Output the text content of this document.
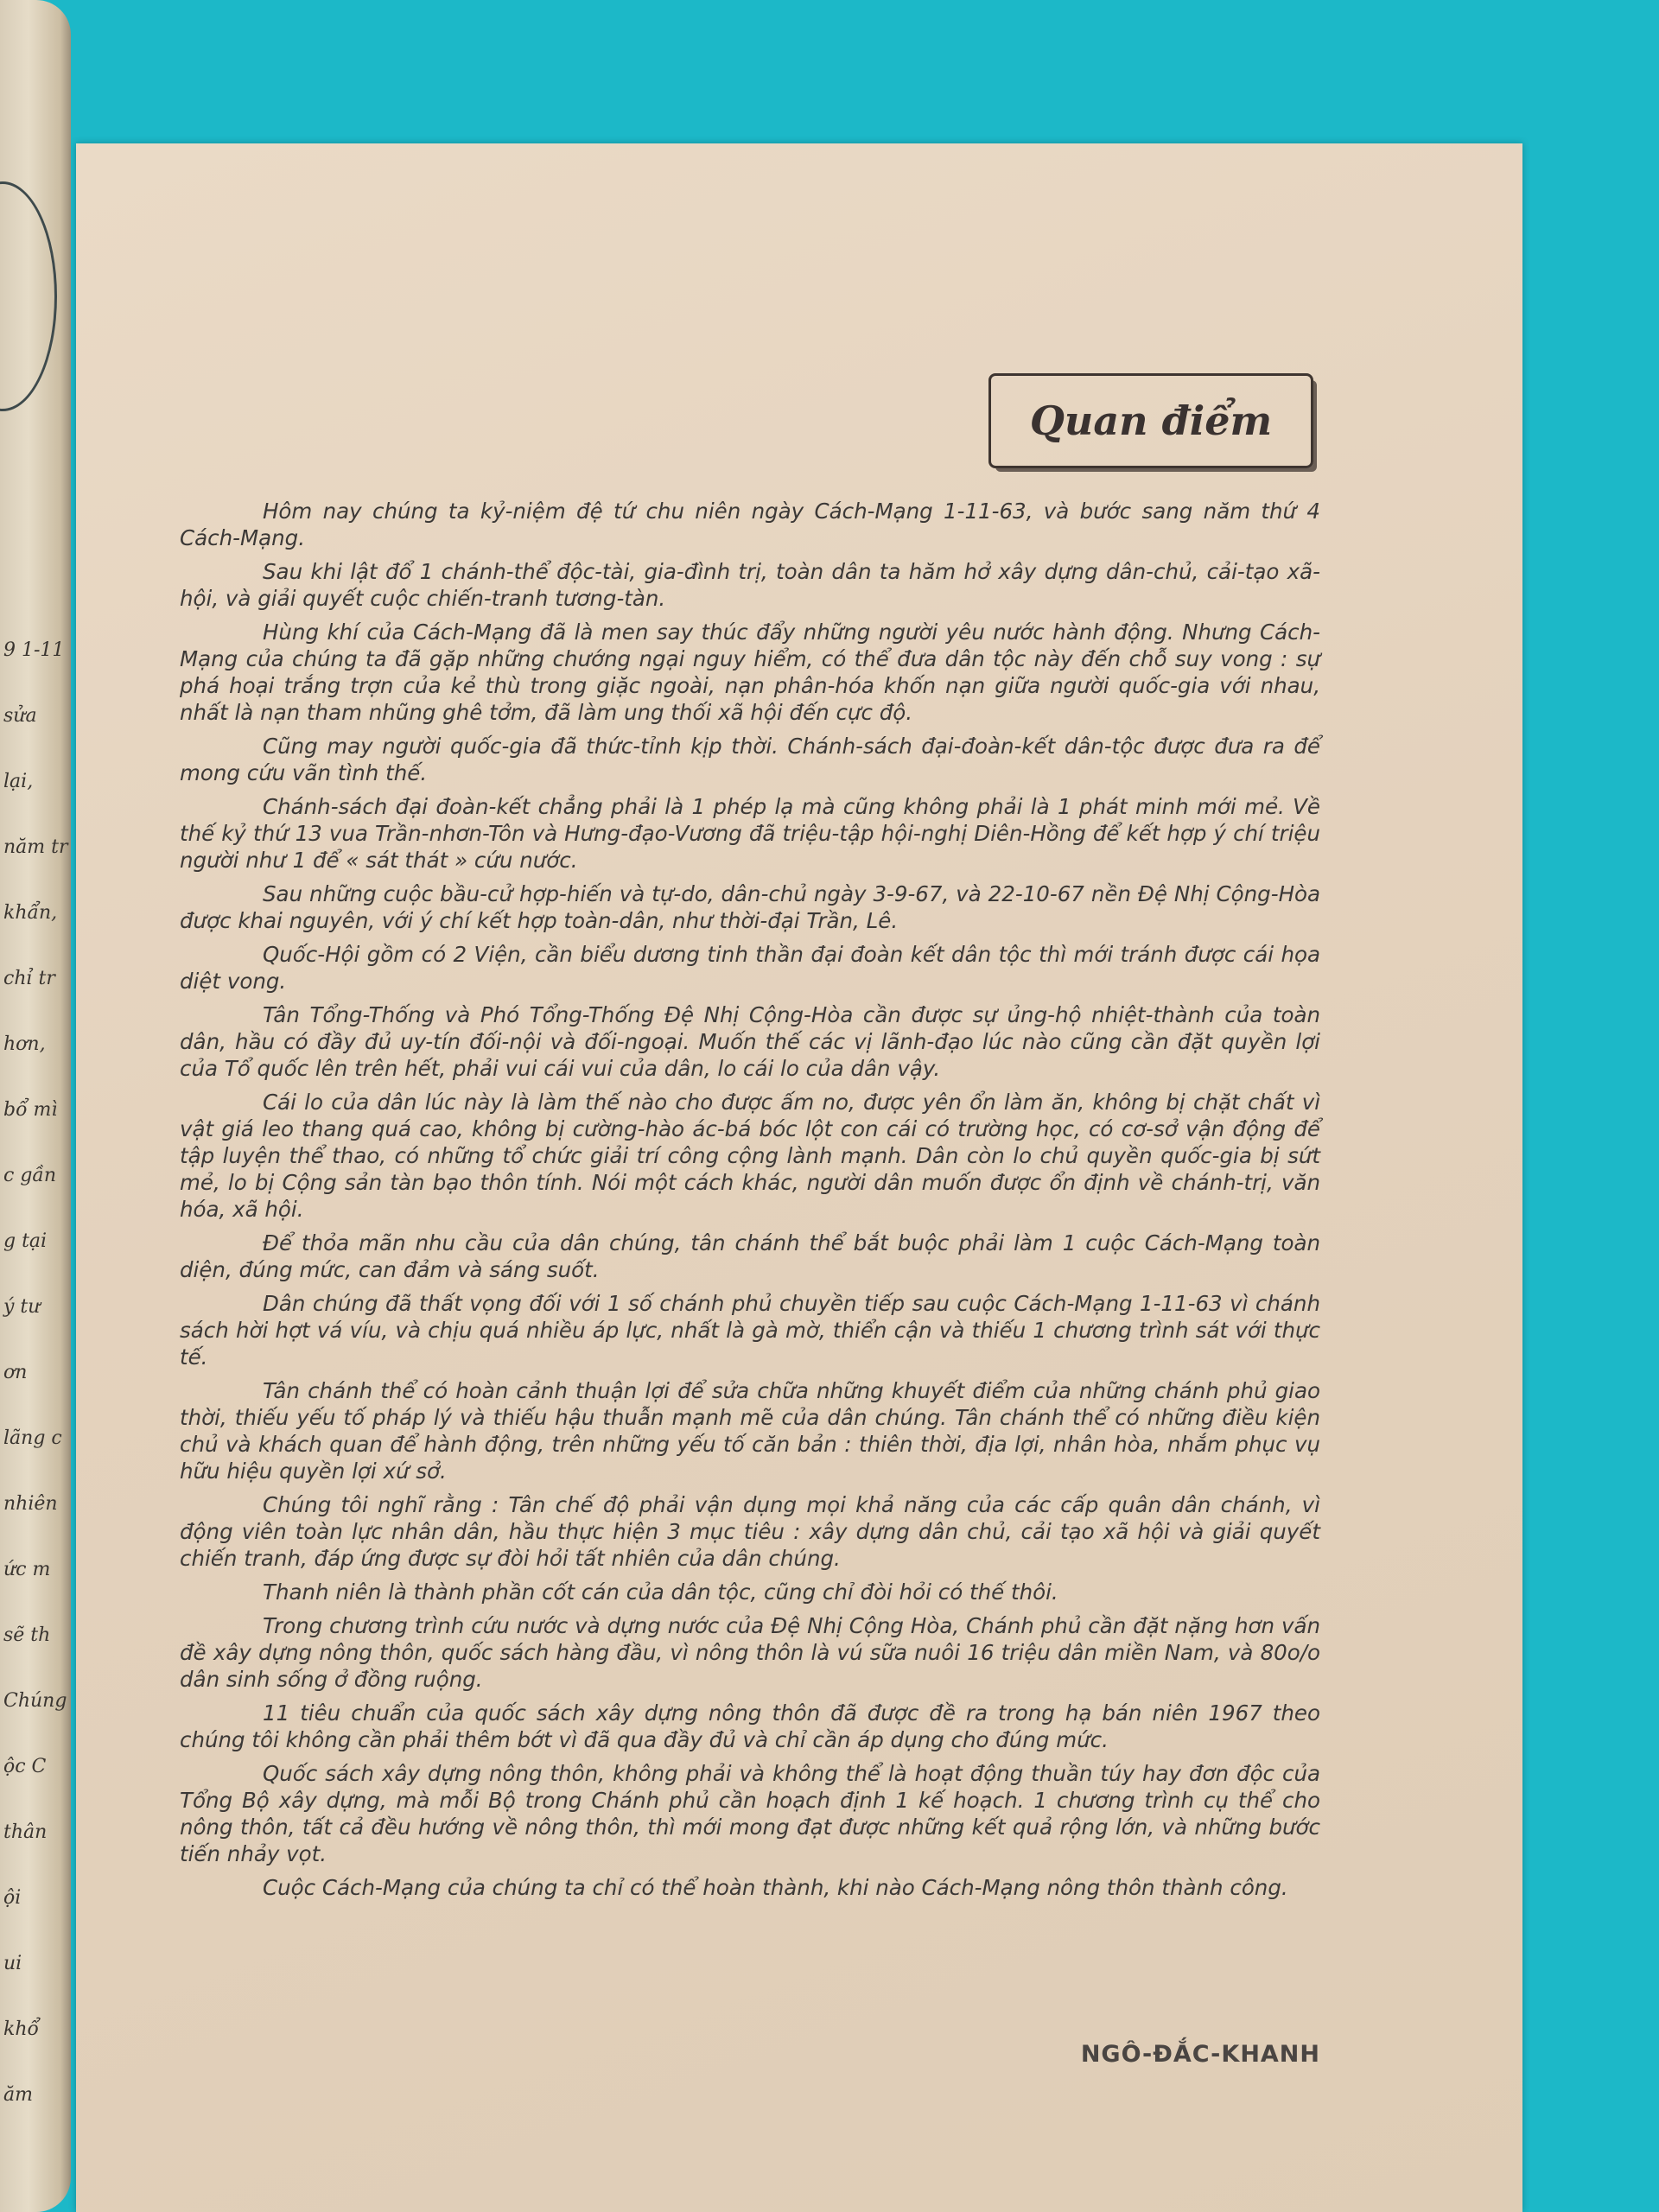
9 1-11
sửa
lại,
năm tr
khẩn,
chỉ tr
hơn,
bổ mì
c gần
g tại
ý tư
ơn
lãng c
nhiên
ức m
sẽ th
Chúng
ộc C
thân
ội
ui
khổ
ăm
Quan điểm

Hôm nay chúng ta kỷ-niệm đệ tứ chu niên ngày Cách-Mạng 1-11-63, và bước sang năm thứ 4 Cách-Mạng.

Sau khi lật đổ 1 chánh-thể độc-tài, gia-đình trị, toàn dân ta hăm hở xây dựng dân-chủ, cải-tạo xã-hội, và giải quyết cuộc chiến-tranh tương-tàn.

Hùng khí của Cách-Mạng đã là men say thúc đẩy những người yêu nước hành động. Nhưng Cách-Mạng của chúng ta đã gặp những chướng ngại nguy hiểm, có thể đưa dân tộc này đến chỗ suy vong : sự phá hoại trắng trợn của kẻ thù trong giặc ngoài, nạn phân-hóa khốn nạn giữa người quốc-gia với nhau, nhất là nạn tham nhũng ghê tởm, đã làm ung thối xã hội đến cực độ.

Cũng may người quốc-gia đã thức-tỉnh kịp thời. Chánh-sách đại-đoàn-kết dân-tộc được đưa ra để mong cứu vãn tình thế.

Chánh-sách đại đoàn-kết chẳng phải là 1 phép lạ mà cũng không phải là 1 phát minh mới mẻ. Về thế kỷ thứ 13 vua Trần-nhơn-Tôn và Hưng-đạo-Vương đã triệu-tập hội-nghị Diên-Hồng để kết hợp ý chí triệu người như 1 để « sát thát » cứu nước.

Sau những cuộc bầu-cử hợp-hiến và tự-do, dân-chủ ngày 3-9-67, và 22-10-67 nền Đệ Nhị Cộng-Hòa được khai nguyên, với ý chí kết hợp toàn-dân, như thời-đại Trần, Lê.

Quốc-Hội gồm có 2 Viện, cần biểu dương tinh thần đại đoàn kết dân tộc thì mới tránh được cái họa diệt vong.

Tân Tổng-Thống và Phó Tổng-Thống Đệ Nhị Cộng-Hòa cần được sự ủng-hộ nhiệt-thành của toàn dân, hầu có đầy đủ uy-tín đối-nội và đối-ngoại. Muốn thế các vị lãnh-đạo lúc nào cũng cần đặt quyền lợi của Tổ quốc lên trên hết, phải vui cái vui của dân, lo cái lo của dân vậy.

Cái lo của dân lúc này là làm thế nào cho được ấm no, được yên ổn làm ăn, không bị chặt chất vì vật giá leo thang quá cao, không bị cường-hào ác-bá bóc lột con cái có trường học, có cơ-sở vận động để tập luyện thể thao, có những tổ chức giải trí công cộng lành mạnh. Dân còn lo chủ quyền quốc-gia bị sứt mẻ, lo bị Cộng sản tàn bạo thôn tính. Nói một cách khác, người dân muốn được ổn định về chánh-trị, văn hóa, xã hội.

Để thỏa mãn nhu cầu của dân chúng, tân chánh thể bắt buộc phải làm 1 cuộc Cách-Mạng toàn diện, đúng mức, can đảm và sáng suốt.

Dân chúng đã thất vọng đối với 1 số chánh phủ chuyền tiếp sau cuộc Cách-Mạng 1-11-63 vì chánh sách hời hợt vá víu, và chịu quá nhiều áp lực, nhất là gà mờ, thiển cận và thiếu 1 chương trình sát với thực tế.

Tân chánh thể có hoàn cảnh thuận lợi để sửa chữa những khuyết điểm của những chánh phủ giao thời, thiếu yếu tố pháp lý và thiếu hậu thuẫn mạnh mẽ của dân chúng. Tân chánh thể có những điều kiện chủ và khách quan để hành động, trên những yếu tố căn bản : thiên thời, địa lợi, nhân hòa, nhắm phục vụ hữu hiệu quyền lợi xứ sở.

Chúng tôi nghĩ rằng : Tân chế độ phải vận dụng mọi khả năng của các cấp quân dân chánh, vì động viên toàn lực nhân dân, hầu thực hiện 3 mục tiêu : xây dựng dân chủ, cải tạo xã hội và giải quyết chiến tranh, đáp ứng được sự đòi hỏi tất nhiên của dân chúng.

Thanh niên là thành phần cốt cán của dân tộc, cũng chỉ đòi hỏi có thế thôi.

Trong chương trình cứu nước và dựng nước của Đệ Nhị Cộng Hòa, Chánh phủ cần đặt nặng hơn vấn đề xây dựng nông thôn, quốc sách hàng đầu, vì nông thôn là vú sữa nuôi 16 triệu dân miền Nam, và 80o/o dân sinh sống ở đồng ruộng.

11 tiêu chuẩn của quốc sách xây dựng nông thôn đã được đề ra trong hạ bán niên 1967 theo chúng tôi không cần phải thêm bớt vì đã qua đầy đủ và chỉ cần áp dụng cho đúng mức.

Quốc sách xây dựng nông thôn, không phải và không thể là hoạt động thuần túy hay đơn độc của Tổng Bộ xây dựng, mà mỗi Bộ trong Chánh phủ cần hoạch định 1 kế hoạch. 1 chương trình cụ thể cho nông thôn, tất cả đều hướng về nông thôn, thì mới mong đạt được những kết quả rộng lớn, và những bước tiến nhảy vọt.

Cuộc Cách-Mạng của chúng ta chỉ có thể hoàn thành, khi nào Cách-Mạng nông thôn thành công.

NGÔ-ĐẮC-KHANH
